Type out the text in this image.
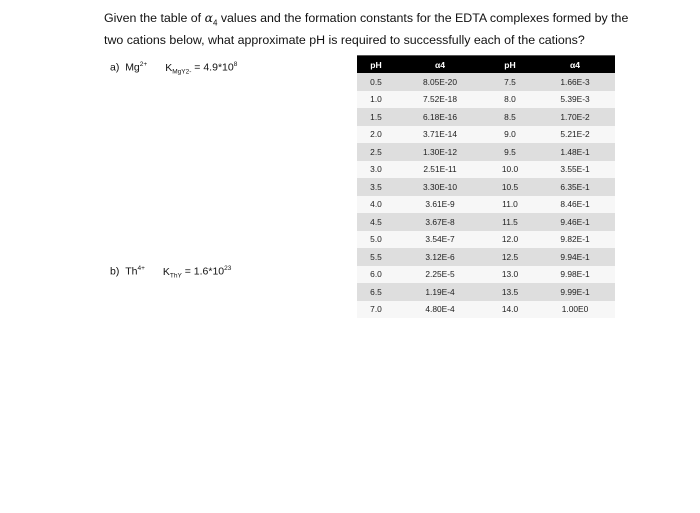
Given the table of $\alpha_4$ values and the formation constants for the EDTA complexes formed by the two cations below, what approximate pH is required to successfully each of the cations?
a) $Mg^{2+}$ $K_{MgY2-} = 4.9*10^8$
b) $Th^{4+}$ $K_{ThY} = 1.6*10^{23}$
pH	α4	pH	α4
0.5	8.05E-20	7.5	1.66E-3
1.0	7.52E-18	8.0	5.39E-3
1.5	6.18E-16	8.5	1.70E-2
2.0	3.71E-14	9.0	5.21E-2
2.5	1.30E-12	9.5	1.48E-1
3.0	2.51E-11	10.0	3.55E-1
3.5	3.30E-10	10.5	6.35E-1
4.0	3.61E-9	11.0	8.46E-1
4.5	3.67E-8	11.5	9.46E-1
5.0	3.54E-7	12.0	9.82E-1
5.5	3.12E-6	12.5	9.94E-1
6.0	2.25E-5	13.0	9.98E-1
6.5	1.19E-4	13.5	9.99E-1
7.0	4.80E-4	14.0	1.00E0
